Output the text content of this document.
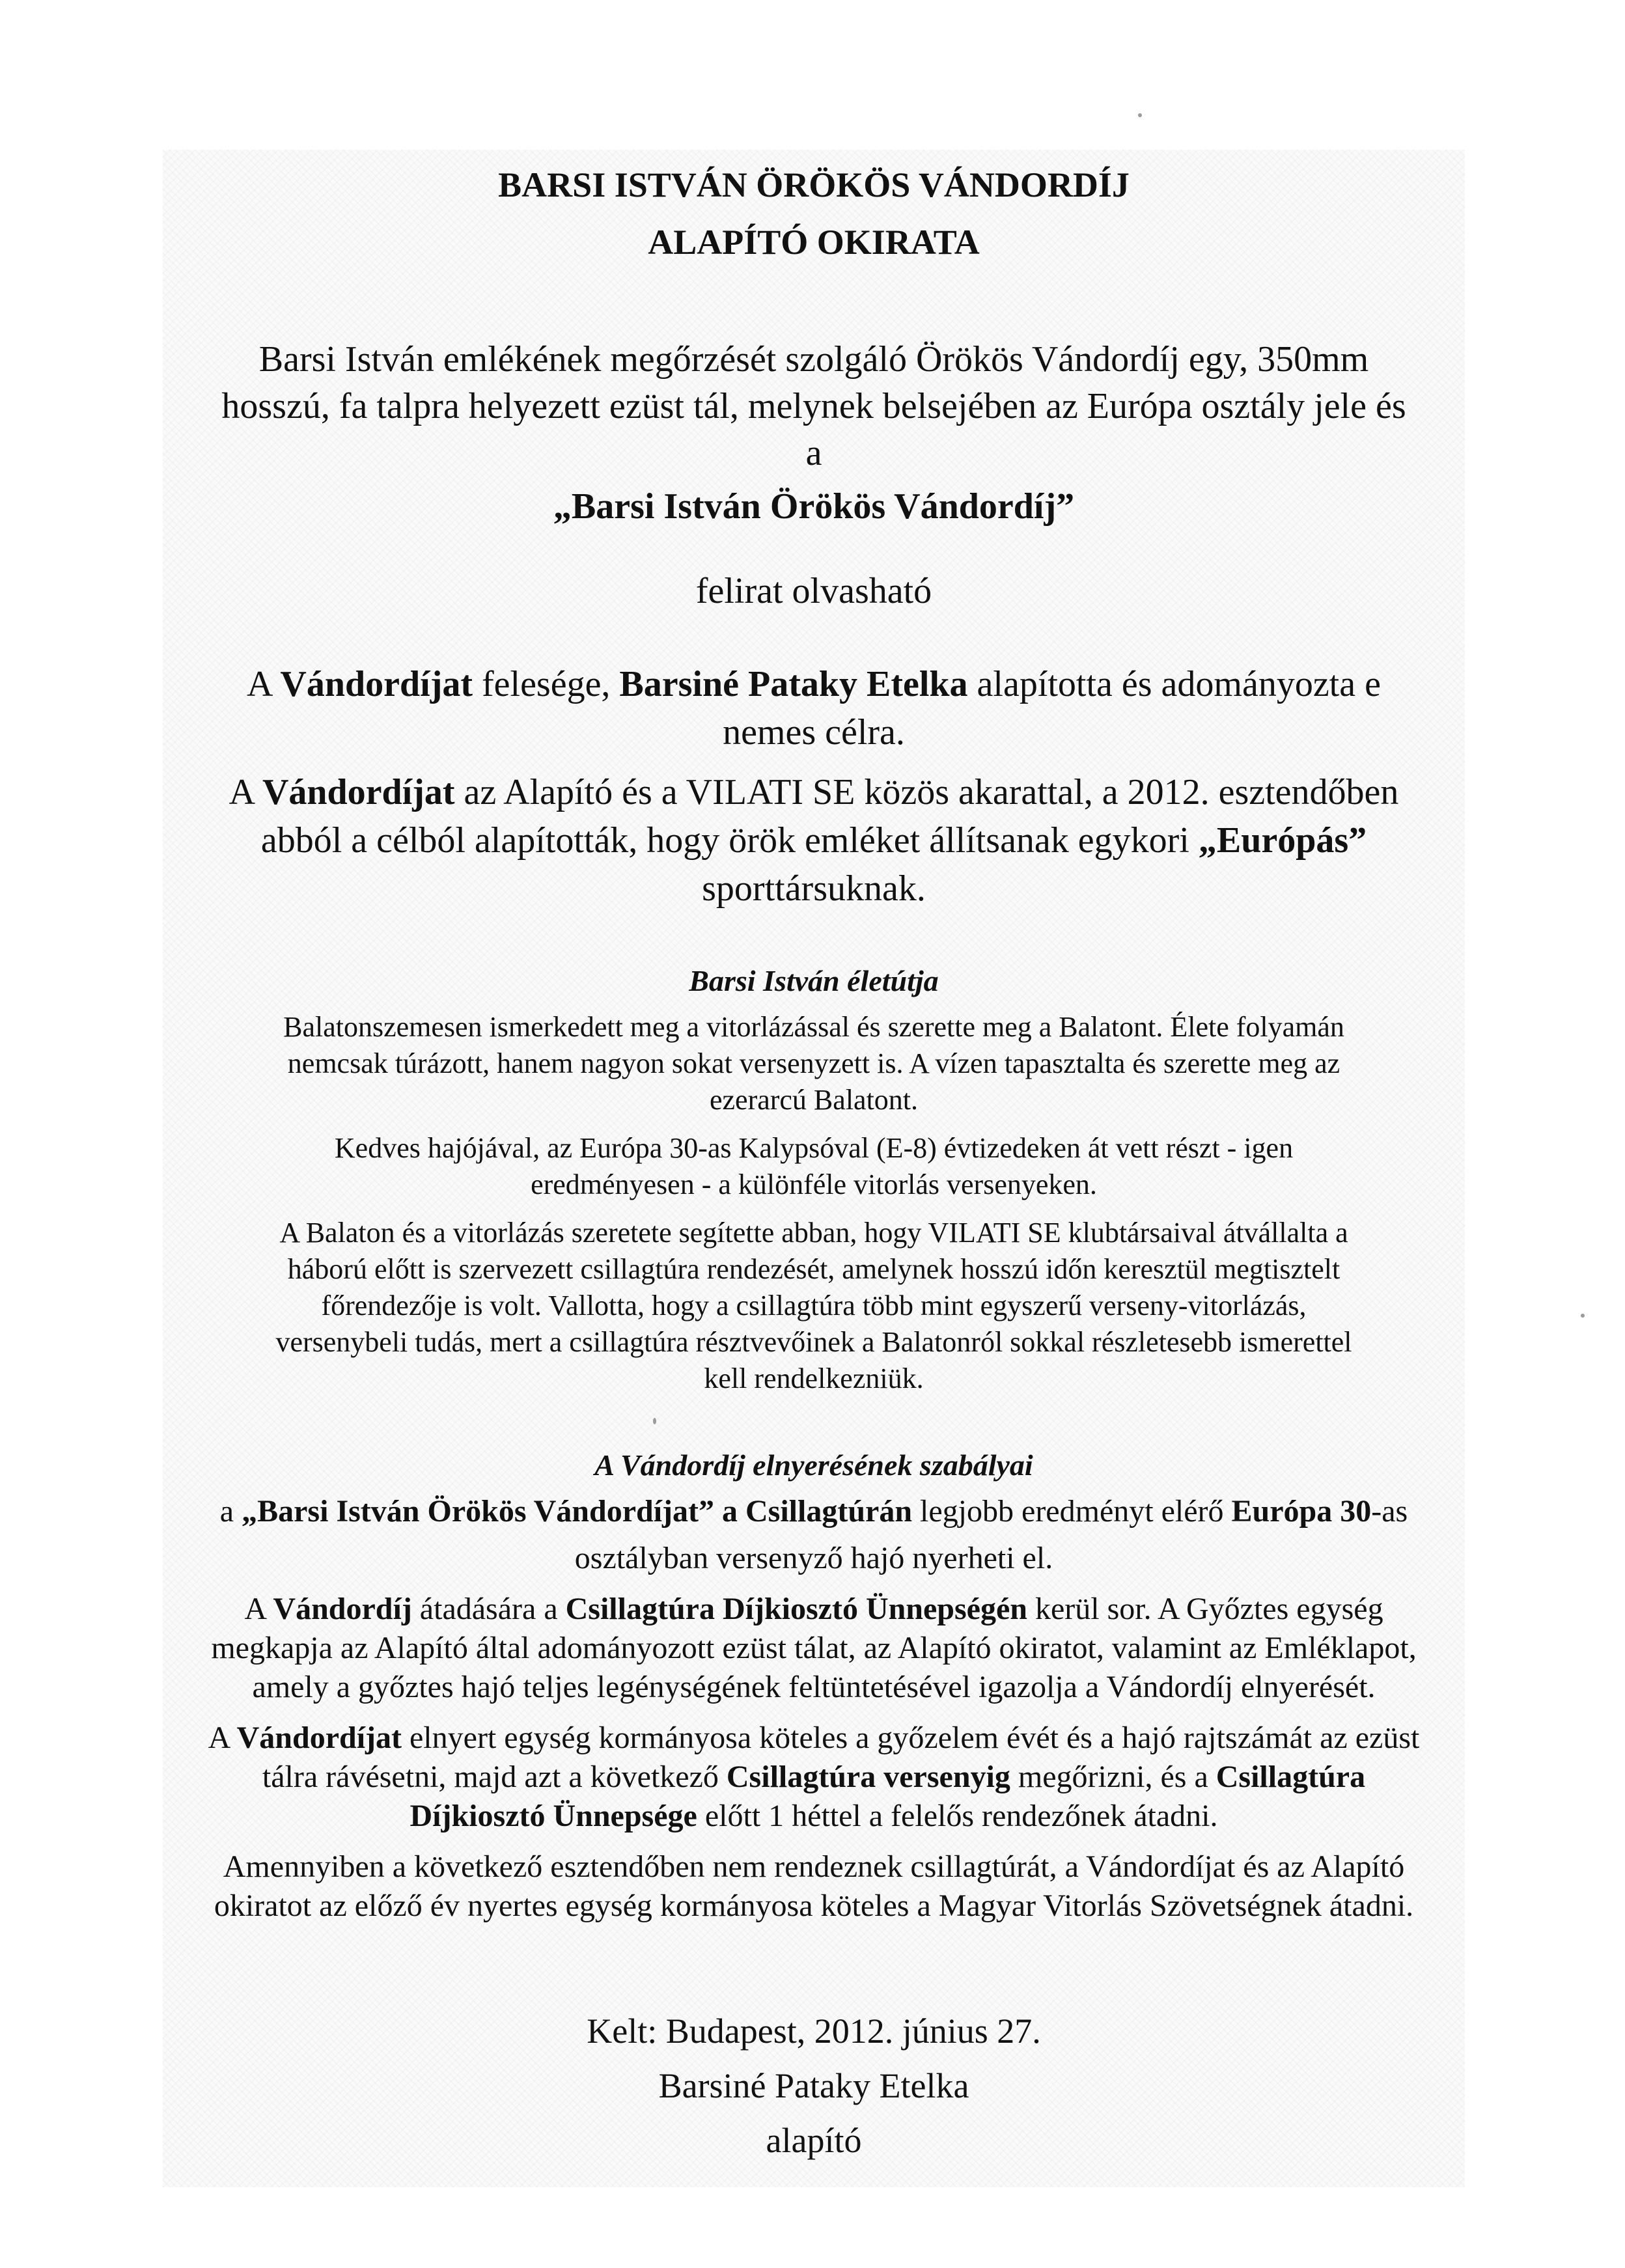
BARSI ISTVÁN ÖRÖKÖS VÁNDORDÍJ

ALAPÍTÓ OKIRATA

Barsi István emlékének megőrzését szolgáló Örökös Vándordíj egy, 350mm

hosszú, fa talpra helyezett ezüst tál, melynek belsejében az Európa osztály jele és

a

„Barsi István Örökös Vándordíj”

felirat olvasható

A Vándordíjat felesége, Barsiné Pataky Etelka alapította és adományozta e

nemes célra.

A Vándordíjat az Alapító és a VILATI SE közös akarattal, a 2012. esztendőben

abból a célból alapították, hogy örök emléket állítsanak egykori „Európás”

sporttársuknak.

Barsi István életútja

Balatonszemesen ismerkedett meg a vitorlázással és szerette meg a Balatont. Élete folyamán

nemcsak túrázott, hanem nagyon sokat versenyzett is. A vízen tapasztalta és szerette meg az

ezerarcú Balatont.

Kedves hajójával, az Európa 30-as Kalypsóval (E-8) évtizedeken át vett részt - igen

eredményesen - a különféle vitorlás versenyeken.

A Balaton és a vitorlázás szeretete segítette abban, hogy VILATI SE klubtársaival átvállalta a

háború előtt is szervezett csillagtúra rendezését, amelynek hosszú időn keresztül megtisztelt

főrendezője is volt. Vallotta, hogy a csillagtúra több mint egyszerű verseny-vitorlázás,

versenybeli tudás, mert a csillagtúra résztvevőinek a Balatonról sokkal részletesebb ismerettel

kell rendelkezniük.

A Vándordíj elnyerésének szabályai

a „Barsi István Örökös Vándordíjat” a Csillagtúrán legjobb eredményt elérő Európa 30-as

osztályban versenyző hajó nyerheti el.

A Vándordíj átadására a Csillagtúra Díjkiosztó Ünnepségén kerül sor. A Győztes egység

megkapja az Alapító által adományozott ezüst tálat, az Alapító okiratot, valamint az Emléklapot,

amely a győztes hajó teljes legénységének feltüntetésével igazolja a Vándordíj elnyerését.

A Vándordíjat elnyert egység kormányosa köteles a győzelem évét és a hajó rajtszámát az ezüst

tálra rávésetni, majd azt a következő Csillagtúra versenyig megőrizni, és a Csillagtúra

Díjkiosztó Ünnepsége előtt 1 héttel a felelős rendezőnek átadni.

Amennyiben a következő esztendőben nem rendeznek csillagtúrát, a Vándordíjat és az Alapító

okiratot az előző év nyertes egység kormányosa köteles a Magyar Vitorlás Szövetségnek átadni.

Kelt: Budapest, 2012. június 27.

Barsiné Pataky Etelka

alapító
